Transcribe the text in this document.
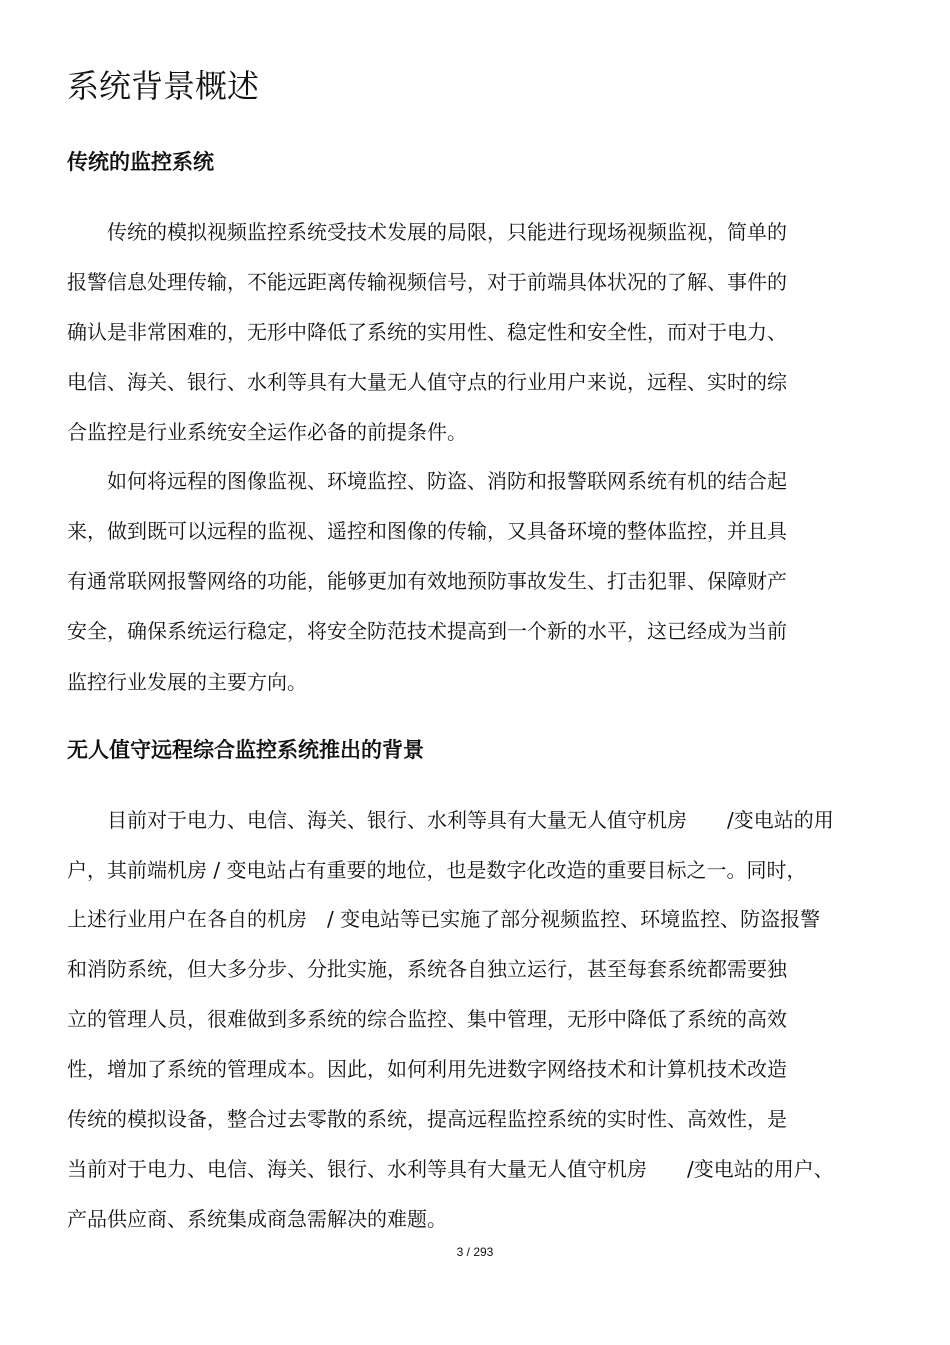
系统背景概述
传统的监控系统
　　传统的模拟视频监控系统受技术发展的局限，只能进行现场视频监视，简单的
报警信息处理传输，不能远距离传输视频信号，对于前端具体状况的了解、事件的
确认是非常困难的，无形中降低了系统的实用性、稳定性和安全性，而对于电力、
电信、海关、银行、水利等具有大量无人值守点的行业用户来说，远程、实时的综
合监控是行业系统安全运作必备的前提条件。
　　如何将远程的图像监视、环境监控、防盗、消防和报警联网系统有机的结合起
来，做到既可以远程的监视、遥控和图像的传输，又具备环境的整体监控，并且具
有通常联网报警网络的功能，能够更加有效地预防事故发生、打击犯罪、保障财产
安全，确保系统运行稳定，将安全防范技术提高到一个新的水平，这已经成为当前
监控行业发展的主要方向。
无人值守远程综合监控系统推出的背景
　　目前对于电力、电信、海关、银行、水利等具有大量无人值守机房　　/变电站的用
户，其前端机房 / 变电站占有重要的地位，也是数字化改造的重要目标之一。同时，
上述行业用户在各自的机房　/ 变电站等已实施了部分视频监控、环境监控、防盗报警
和消防系统，但大多分步、分批实施，系统各自独立运行，甚至每套系统都需要独
立的管理人员，很难做到多系统的综合监控、集中管理，无形中降低了系统的高效
性，增加了系统的管理成本。因此，如何利用先进数字网络技术和计算机技术改造
传统的模拟设备，整合过去零散的系统，提高远程监控系统的实时性、高效性，是
当前对于电力、电信、海关、银行、水利等具有大量无人值守机房　　/变电站的用户、
产品供应商、系统集成商急需解决的难题。
3 / 293
